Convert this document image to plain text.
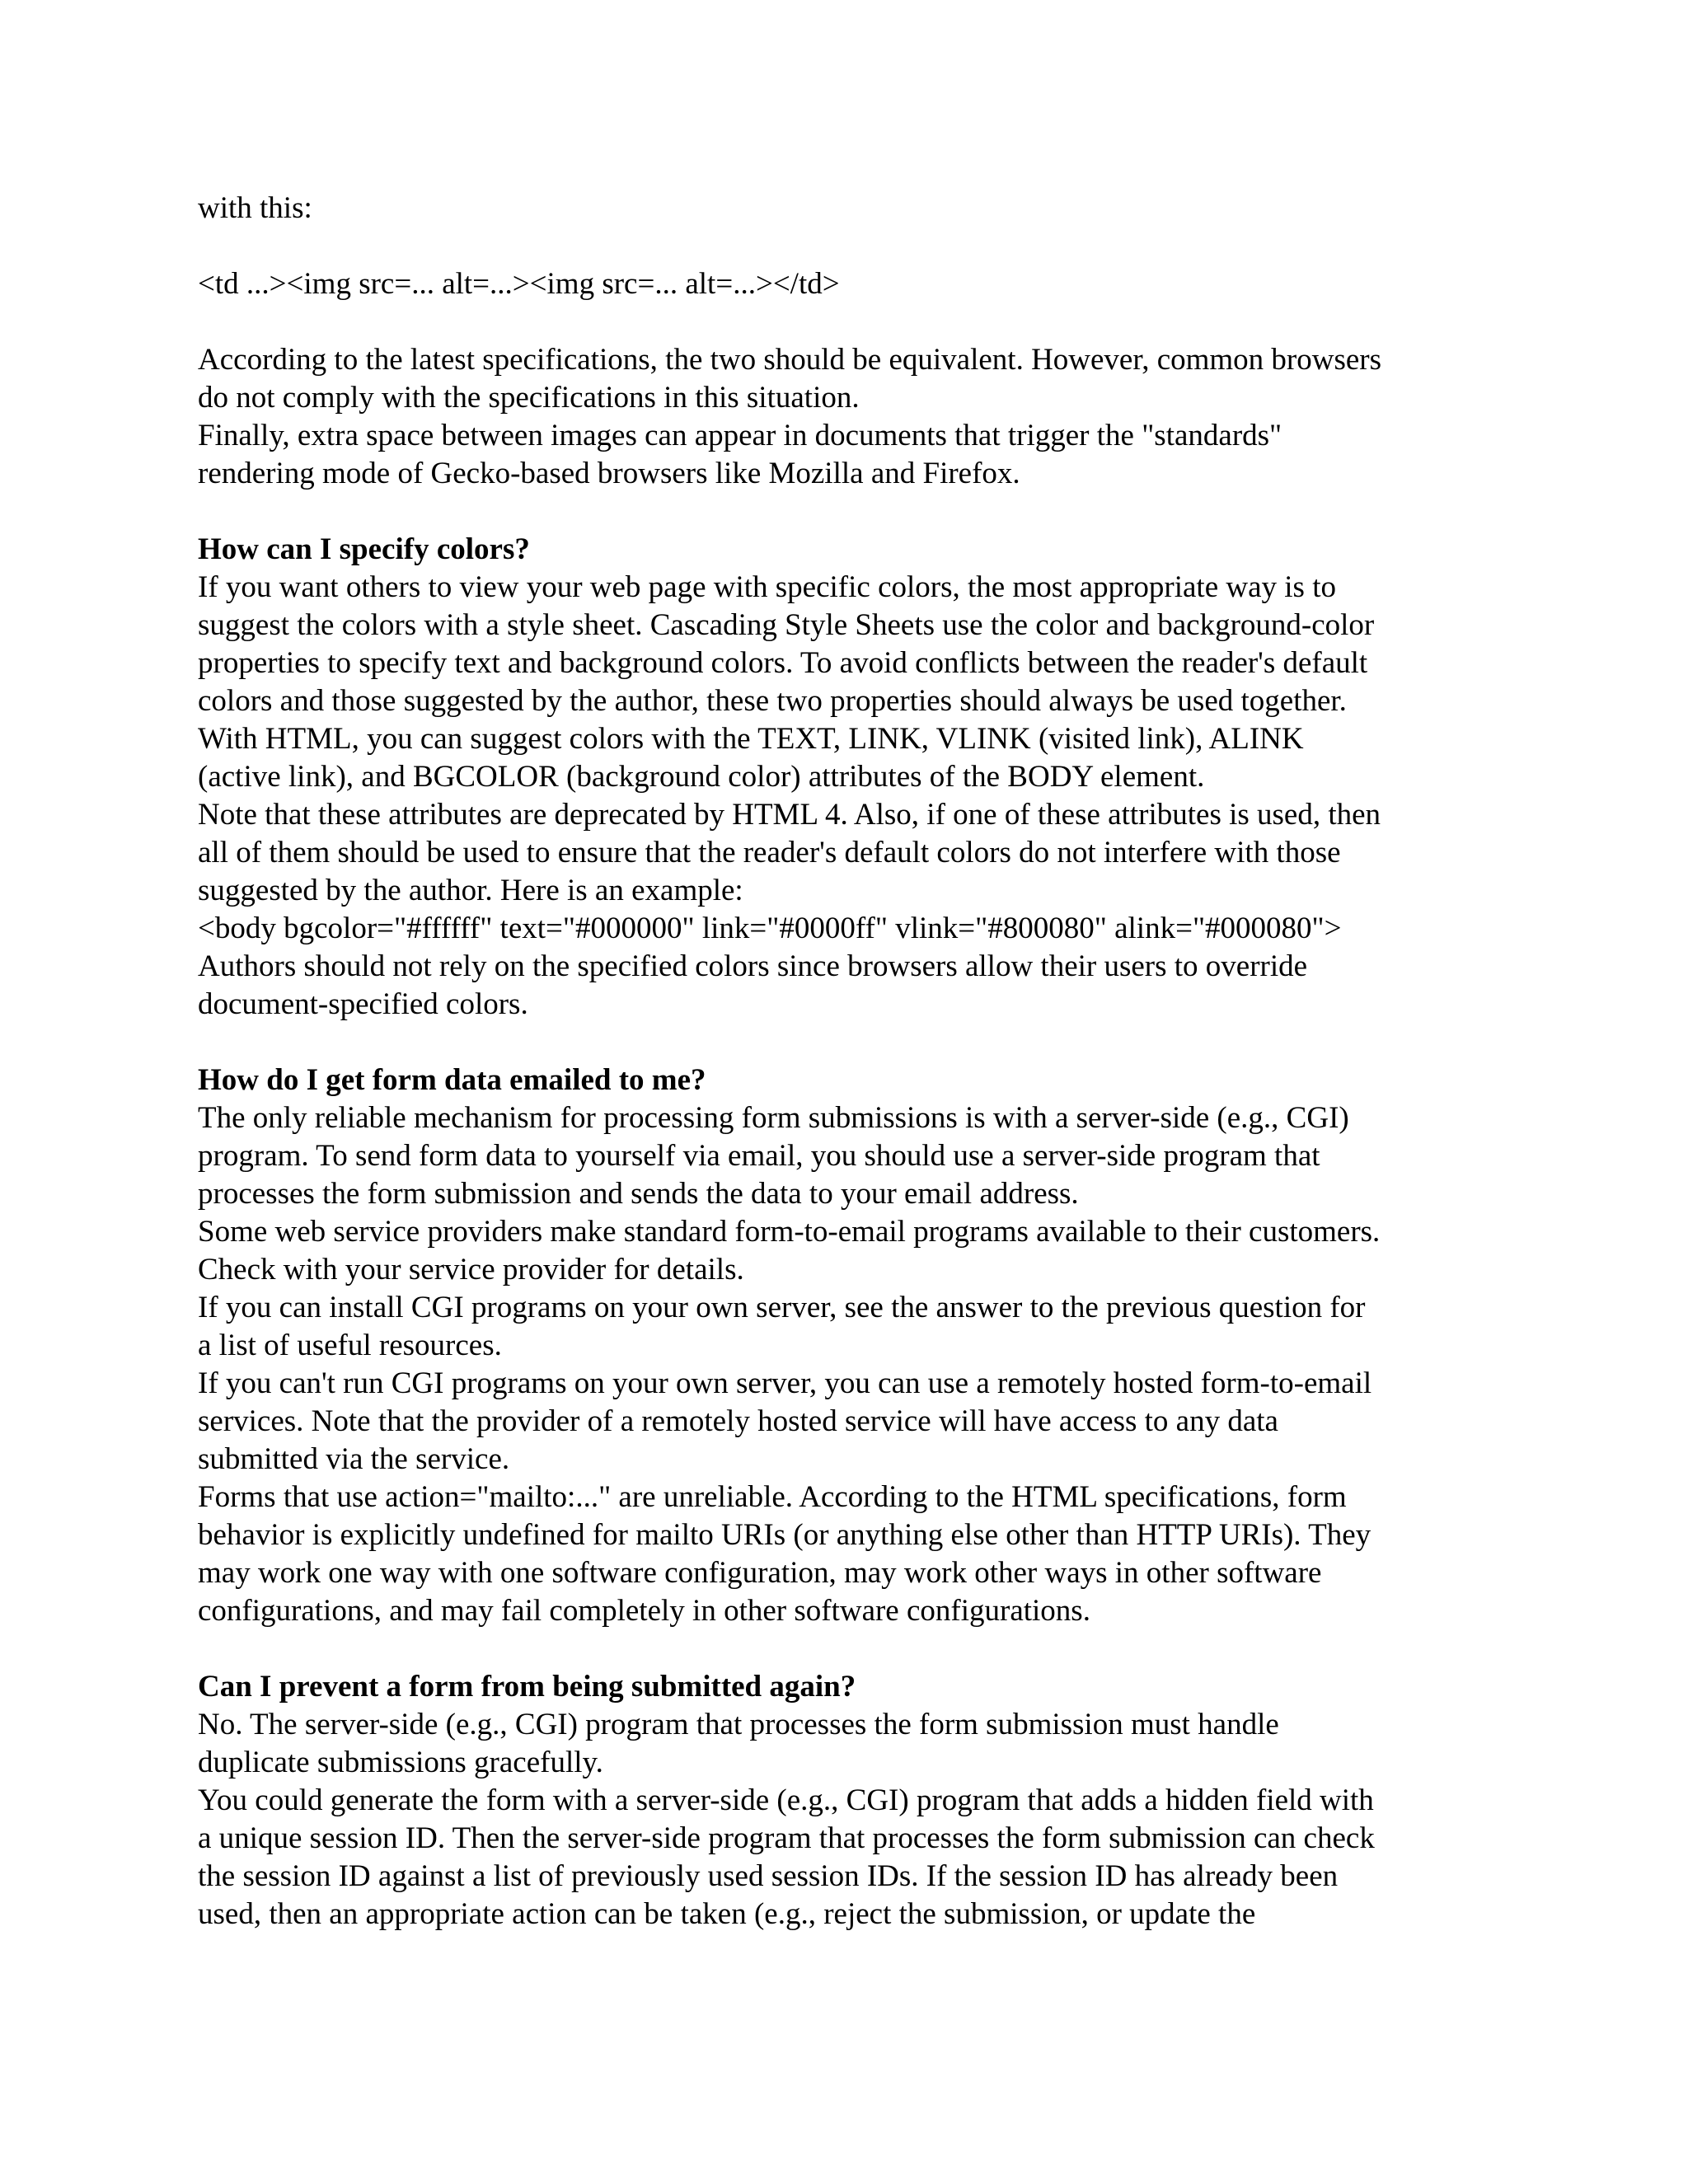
with this:

<td ...><img src=... alt=...><img src=... alt=...></td>

According to the latest specifications, the two should be equivalent. However, common browsers

do not comply with the specifications in this situation.

Finally, extra space between images can appear in documents that trigger the "standards"

rendering mode of Gecko-based browsers like Mozilla and Firefox.

How can I specify colors?

If you want others to view your web page with specific colors, the most appropriate way is to

suggest the colors with a style sheet. Cascading Style Sheets use the color and background-color

properties to specify text and background colors. To avoid conflicts between the reader's default

colors and those suggested by the author, these two properties should always be used together.

With HTML, you can suggest colors with the TEXT, LINK, VLINK (visited link), ALINK

(active link), and BGCOLOR (background color) attributes of the BODY element.

Note that these attributes are deprecated by HTML 4. Also, if one of these attributes is used, then

all of them should be used to ensure that the reader's default colors do not interfere with those

suggested by the author. Here is an example:

<body bgcolor="#ffffff" text="#000000" link="#0000ff" vlink="#800080" alink="#000080">

Authors should not rely on the specified colors since browsers allow their users to override

document-specified colors.

How do I get form data emailed to me?

The only reliable mechanism for processing form submissions is with a server-side (e.g., CGI)

program. To send form data to yourself via email, you should use a server-side program that

processes the form submission and sends the data to your email address.

Some web service providers make standard form-to-email programs available to their customers.

Check with your service provider for details.

If you can install CGI programs on your own server, see the answer to the previous question for

a list of useful resources.

If you can't run CGI programs on your own server, you can use a remotely hosted form-to-email

services. Note that the provider of a remotely hosted service will have access to any data

submitted via the service.

Forms that use action="mailto:..." are unreliable. According to the HTML specifications, form

behavior is explicitly undefined for mailto URIs (or anything else other than HTTP URIs). They

may work one way with one software configuration, may work other ways in other software

configurations, and may fail completely in other software configurations.

Can I prevent a form from being submitted again?

No. The server-side (e.g., CGI) program that processes the form submission must handle

duplicate submissions gracefully.

You could generate the form with a server-side (e.g., CGI) program that adds a hidden field with

a unique session ID. Then the server-side program that processes the form submission can check

the session ID against a list of previously used session IDs. If the session ID has already been

used, then an appropriate action can be taken (e.g., reject the submission, or update the
